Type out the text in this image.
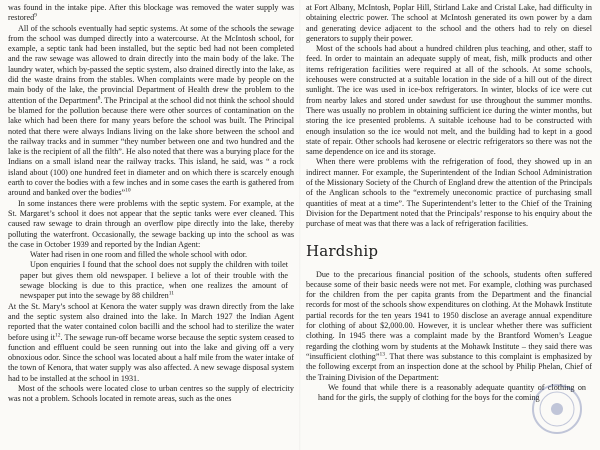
was found in the intake pipe. After this blockage was removed the water supply was restored$^9$

All of the schools eventually had septic systems. At some of the schools the sewage from the school was dumped directly into a watercourse. At the McIntosh school, for example, a septic tank had been installed, but the septic bed had not been completed and the raw sewage was allowed to drain directly into the main body of the lake. The laundry water, which by-passed the septic system, also drained directly into the lake, as did the waste drains from the stables. When complaints were made by people on the main body of the lake, the provincial Department of Health drew the problem to the attention of the Department$^8$. The Principal at the school did not think the school should be blamed for the pollution because there were other sources of contamination on the lake which had been there for many years before the school was built. The Principal noted that there were always Indians living on the lake shore between the school and the railway tracks and in summer “they number between one and two hundred and the lake is the recipient of all the filth”. He also noted that there was a burying place for the Indians on a small island near the railway tracks. This island, he said, was “ a rock island about (100) one hundred feet in diameter and on which there is scarcely enough earth to cover the bodies with a few inches and in some cases the earth is gathered from around and banked over the bodies”$^{10}$

In some instances there were problems with the septic system. For example, at the St. Margaret’s school it does not appear that the septic tanks were ever cleaned. This caused raw sewage to drain through an overflow pipe directly into the lake, thereby polluting the waterfront. Occasionally, the sewage backing up into the school as was the case in October 1939 and reported by the Indian Agent:

Water had risen in one room and filled the whole school with odor.

Upon enquiries I found that the school does not supply the children with toilet paper but gives them old newspaper. I believe a lot of their trouble with the sewage blocking is due to this practice, when one realizes the amount of newspaper put into the sewage by 88 children$^{11}$

At the St. Mary’s school at Kenora the water supply was drawn directly from the lake and the septic system also drained into the lake. In March 1927 the Indian Agent reported that the water contained colon bacilli and the school had to sterilize the water before using $it^{12}$. The sewage run-off became worse because the septic system ceased to function and effluent could be seen running out into the lake and giving off a very obnoxious odor. Since the school was located about a half mile from the water intake of the town of Kenora, that water supply was also affected. A new sewage disposal system had to be installed at the school in 1931.

Most of the schools were located close to urban centres so the supply of electricity was not a problem. Schools located in remote areas, such as the ones

at Fort Albany, McIntosh, Poplar Hill, Stirland Lake and Cristal Lake, had difficulty in obtaining electric power. The school at McIntosh generated its own power by a dam and generating device adjacent to the school and the others had to rely on diesel generators to supply their power.

Most of the schools had about a hundred children plus teaching, and other, staff to feed. In order to maintain an adequate supply of meat, fish, milk products and other items refrigeration facilities were required at all of the schools. At some schools, icehouses were constructed at a suitable location in the side of a hill out of the direct sunlight. The ice was used in ice-box refrigerators. In winter, blocks of ice were cut from nearby lakes and stored under sawdust for use throughout the summer months. There was usually no problem in obtaining sufficient ice during the winter months, but storing the ice presented problems. A suitable icehouse had to be constructed with enough insulation so the ice would not melt, and the building had to kept in a good state of repair. Other schools had kerosene or electric refrigerators so there was not the same dependence on ice and its storage.

When there were problems with the refrigeration of food, they showed up in an indirect manner. For example, the Superintendent of the Indian School Administration of the Missionary Society of the Church of England drew the attention of the Principals of the Anglican schools to the “extremely uneconomic practice of purchasing small quantities of meat at a time”. The Superintendent’s letter to the Chief of the Training Division for the Department noted that the Principals’ response to his enquiry about the purchase of meat was that there was a lack of refrigeration facilities.

Hardship

Due to the precarious financial position of the schools, students often suffered because some of their basic needs were not met. For example, clothing was purchased for the children from the per capita grants from the Department and the financial records for most of the schools show expenditures on clothing. At the Mohawk Institute partial records for the ten years 1941 to 1950 disclose an average annual expenditure for clothing of about $2,000.00. However, it is unclear whether there was sufficient clothing. In 1945 there was a complaint made by the Brantford Women’s League regarding the clothing worn by students at the Mohawk Institute – they said there was “insufficient clothing”$^{13}$. That there was substance to this complaint is emphasized by the following excerpt from an inspection done at the school by Philip Phelan, Chief of the Training Division of the Department:

We found that while there is a reasonably adequate quantity of clothing on hand for the girls, the supply of clothing for the boys for the coming
